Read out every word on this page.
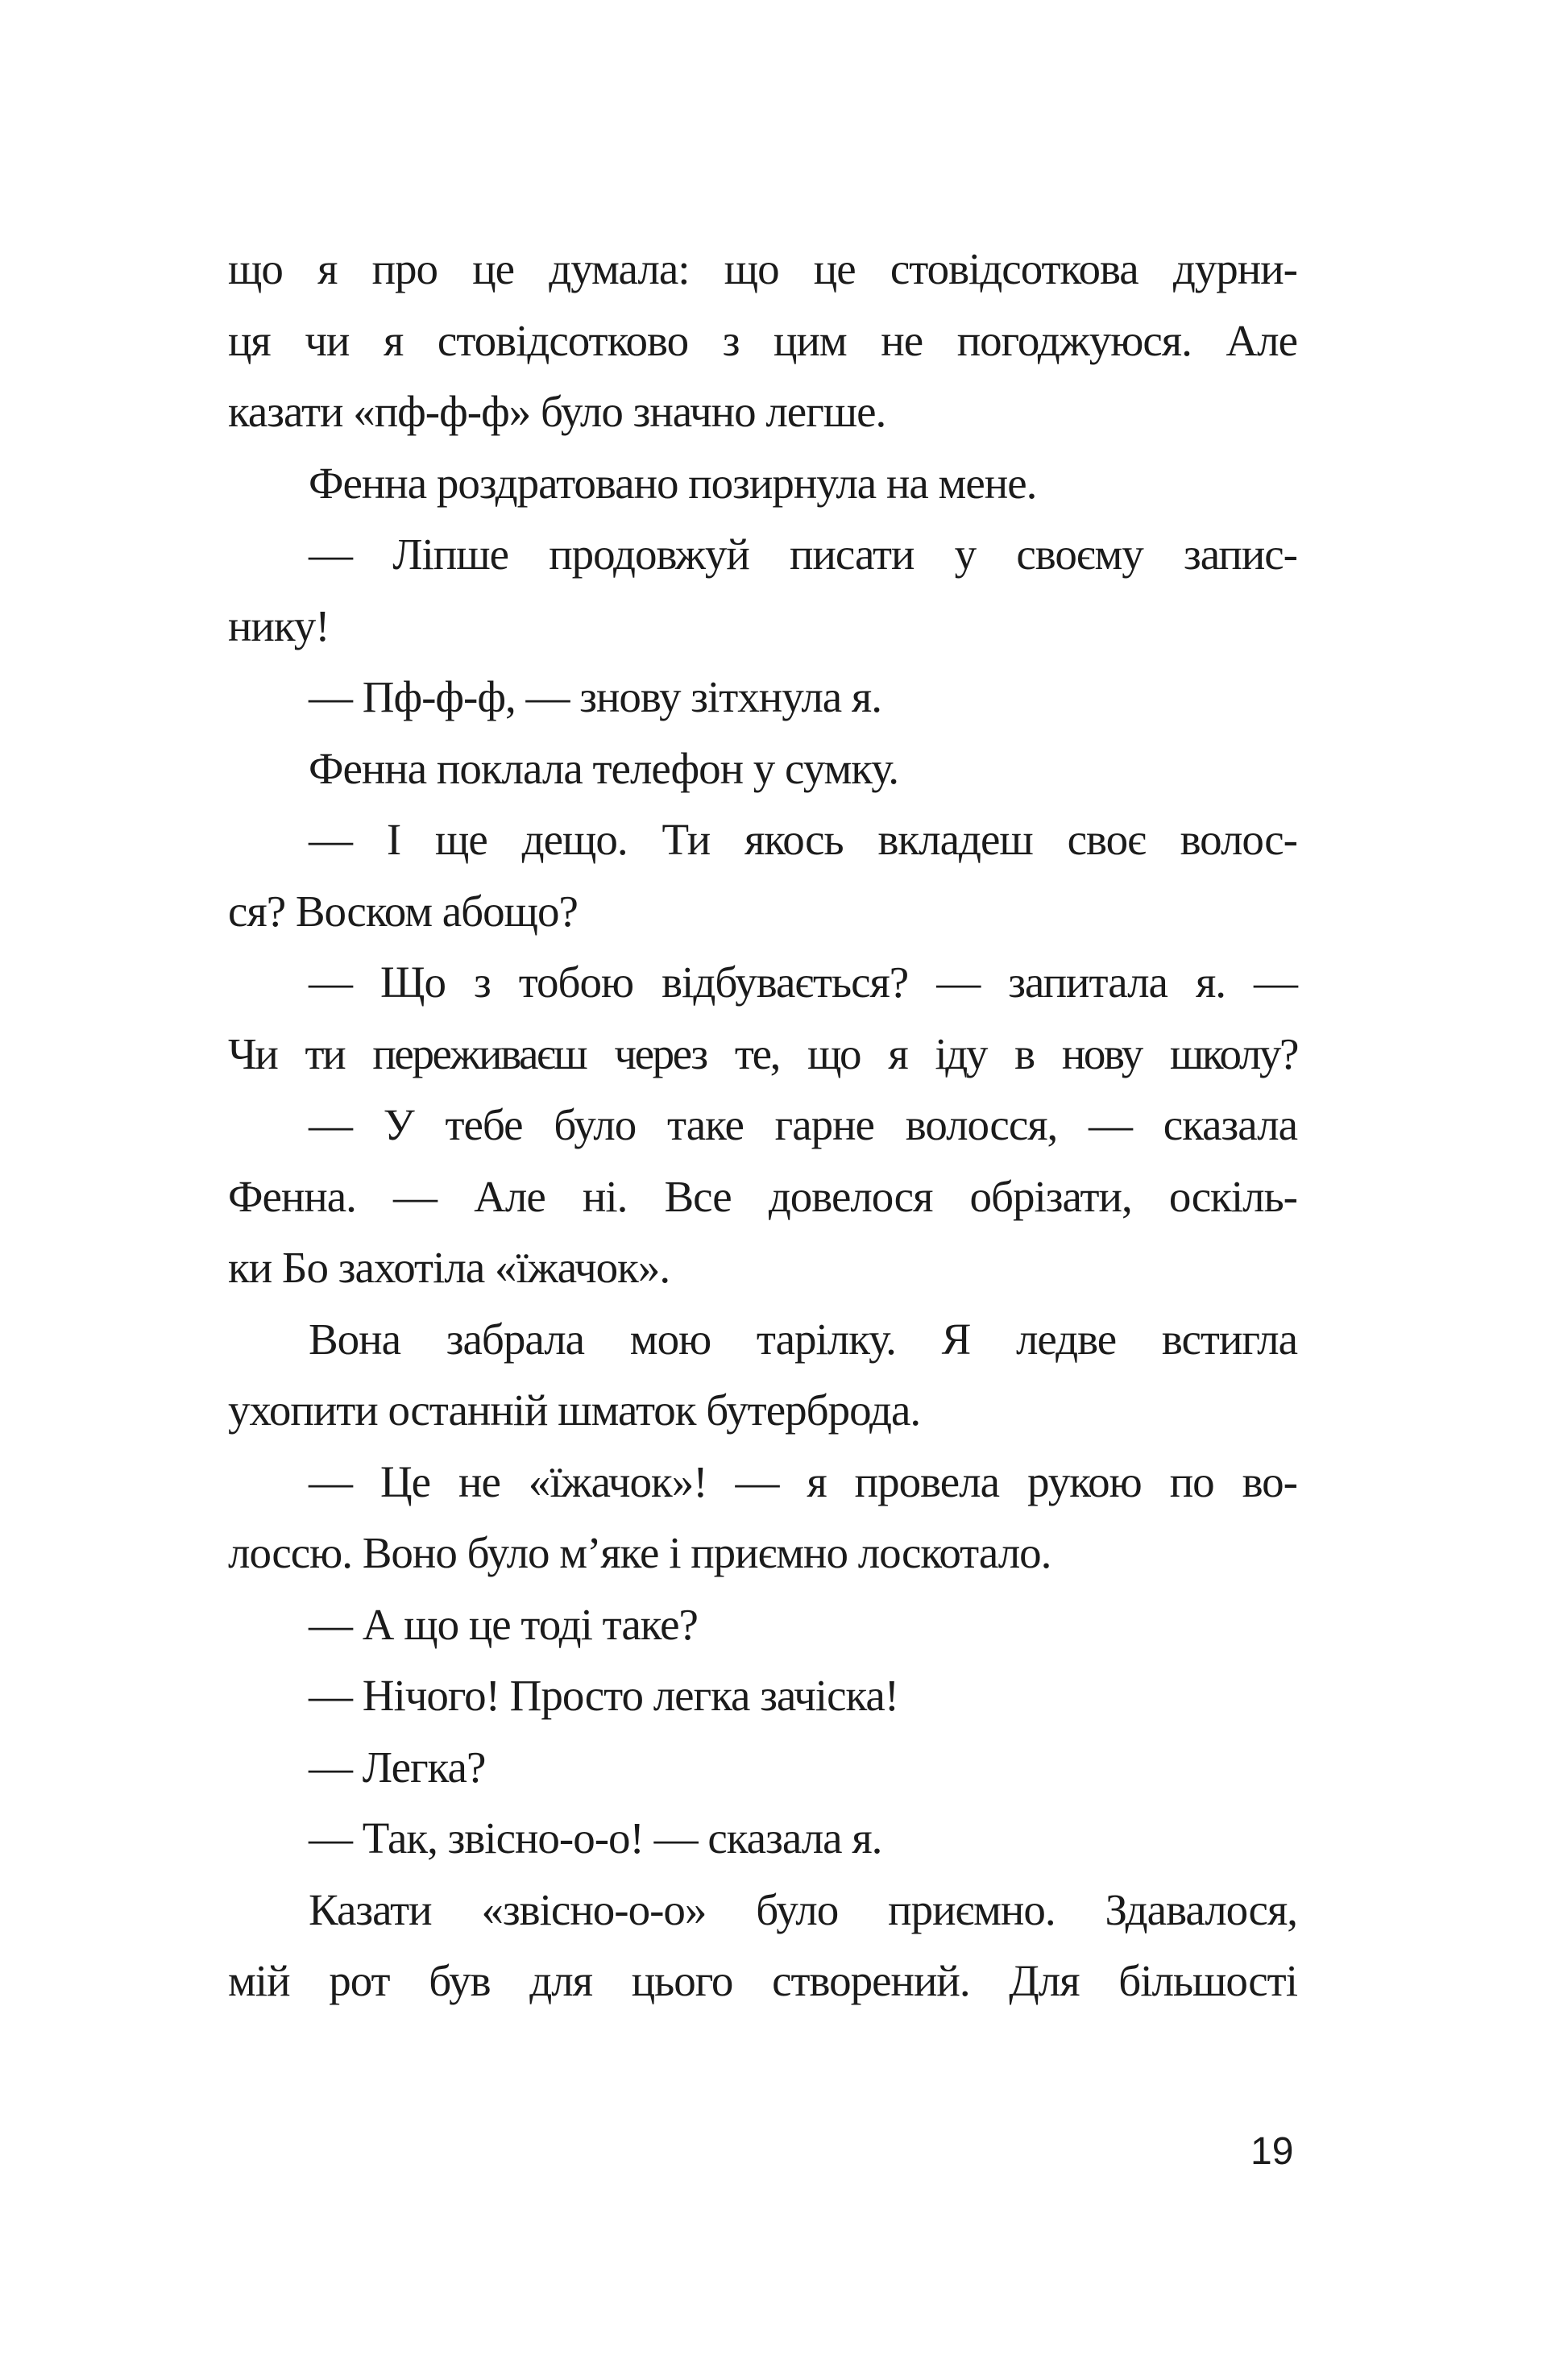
що я про це думала: що це стовідсоткова дурни-
ця чи я стовідсотково з цим не погоджуюся. Але
казати «пф-ф-ф» було значно легше.
Фенна роздратовано позирнула на мене.
— Ліпше продовжуй писати у своєму запис-
нику!
— Пф-ф-ф, — знову зітхнула я.
Фенна поклала телефон у сумку.
— І ще дещо. Ти якось вкладеш своє волос-
ся? Воском абощо?
— Що з тобою відбувається? — запитала я. —
Чи ти переживаєш через те, що я іду в нову школу?
— У тебе було таке гарне волосся, — сказала
Фенна. — Але ні. Все довелося обрізати, оскіль-
ки Бо захотіла «їжачок».
Вона забрала мою тарілку. Я ледве встигла
ухопити останній шматок бутерброда.
— Це не «їжачок»! — я провела рукою по во-
лоссю. Воно було м’яке і приємно лоскотало.
— А що це тоді таке?
— Нічого! Просто легка зачіска!
— Легка?
— Так, звісно-о-о! — сказала я.
Казати «звісно-о-о» було приємно. Здавалося,
мій рот був для цього створений. Для більшості
19
